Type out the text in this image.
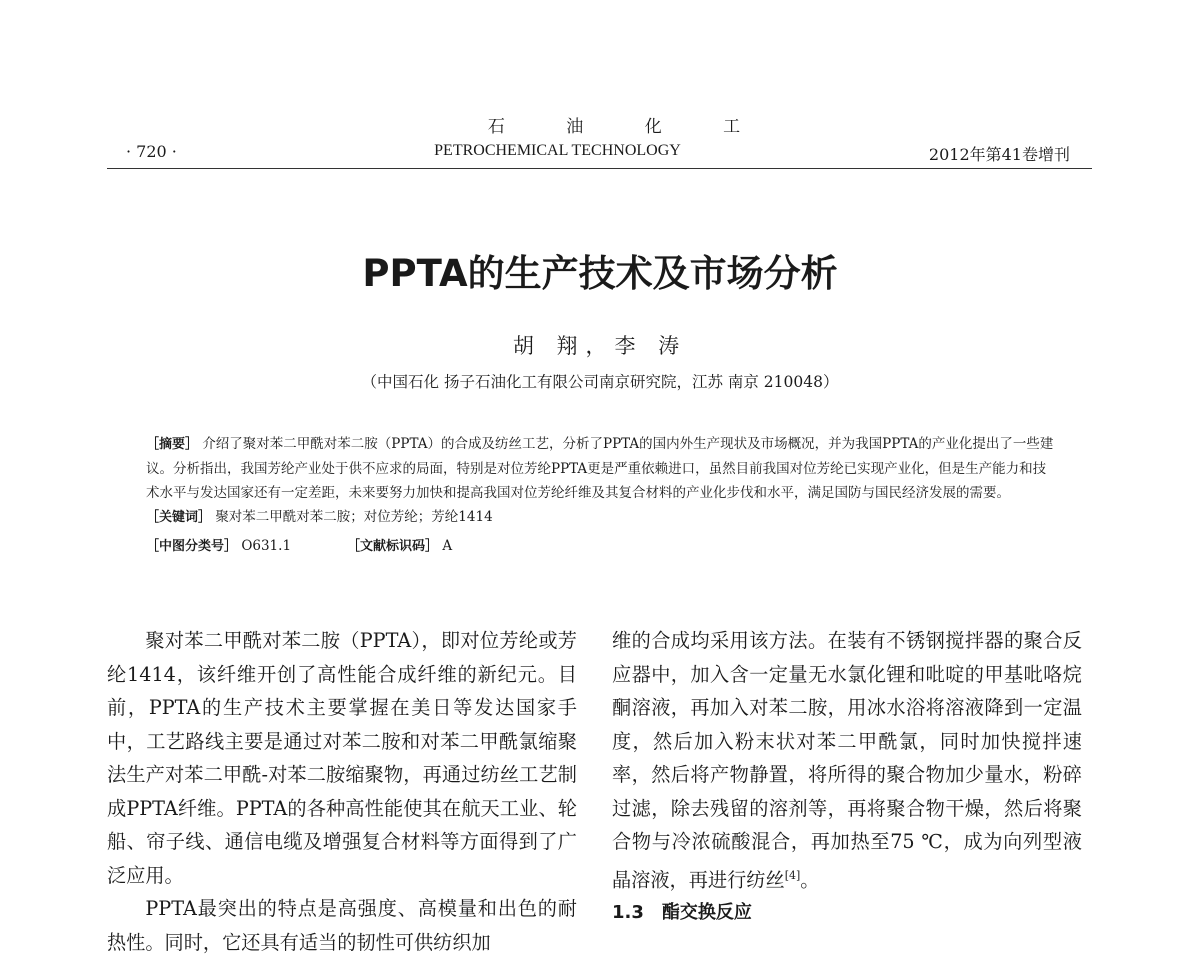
石 油 化 工
· 720 ·	PETROCHEMICAL TECHNOLOGY	2012年第41卷增刊
PPTA的生产技术及市场分析
胡 翔，李 涛
（中国石化 扬子石油化工有限公司南京研究院，江苏 南京 210048）

［摘要］ 介绍了聚对苯二甲酰对苯二胺（PPTA）的合成及纺丝工艺，分析了PPTA的国内外生产现状及市场概况，并为我国PPTA的产业化提出了一些建议。分析指出，我国芳纶产业处于供不应求的局面，特别是对位芳纶PPTA更是严重依赖进口，虽然目前我国对位芳纶已实现产业化，但是生产能力和技术水平与发达国家还有一定差距，未来要努力加快和提高我国对位芳纶纤维及其复合材料的产业化步伐和水平，满足国防与国民经济发展的需要。

［关键词］ 聚对苯二甲酰对苯二胺；对位芳纶；芳纶1414

［中图分类号］ O631.1	［文献标识码］ A

聚对苯二甲酰对苯二胺（PPTA），即对位芳纶或芳纶1414，该纤维开创了高性能合成纤维的新纪元。目前，PPTA的生产技术主要掌握在美日等发达国家手中，工艺路线主要是通过对苯二胺和对苯二甲酰氯缩聚法生产对苯二甲酰-对苯二胺缩聚物，再通过纺丝工艺制成PPTA纤维。PPTA的各种高性能使其在航天工业、轮船、帘子线、通信电缆及增强复合材料等方面得到了广泛应用。

PPTA最突出的特点是高强度、高模量和出色的耐热性。同时，它还具有适当的韧性可供纺织加

维的合成均采用该方法。在装有不锈钢搅拌器的聚合反应器中，加入含一定量无水氯化锂和吡啶的甲基吡咯烷酮溶液，再加入对苯二胺，用冰水浴将溶液降到一定温度，然后加入粉末状对苯二甲酰氯，同时加快搅拌速率，然后将产物静置，将所得的聚合物加少量水，粉碎过滤，除去残留的溶剂等，再将聚合物干燥，然后将聚合物与冷浓硫酸混合，再加热至75 ℃，成为向列型液晶溶液，再进行纺丝[4]。

1.3　酯交换反应
